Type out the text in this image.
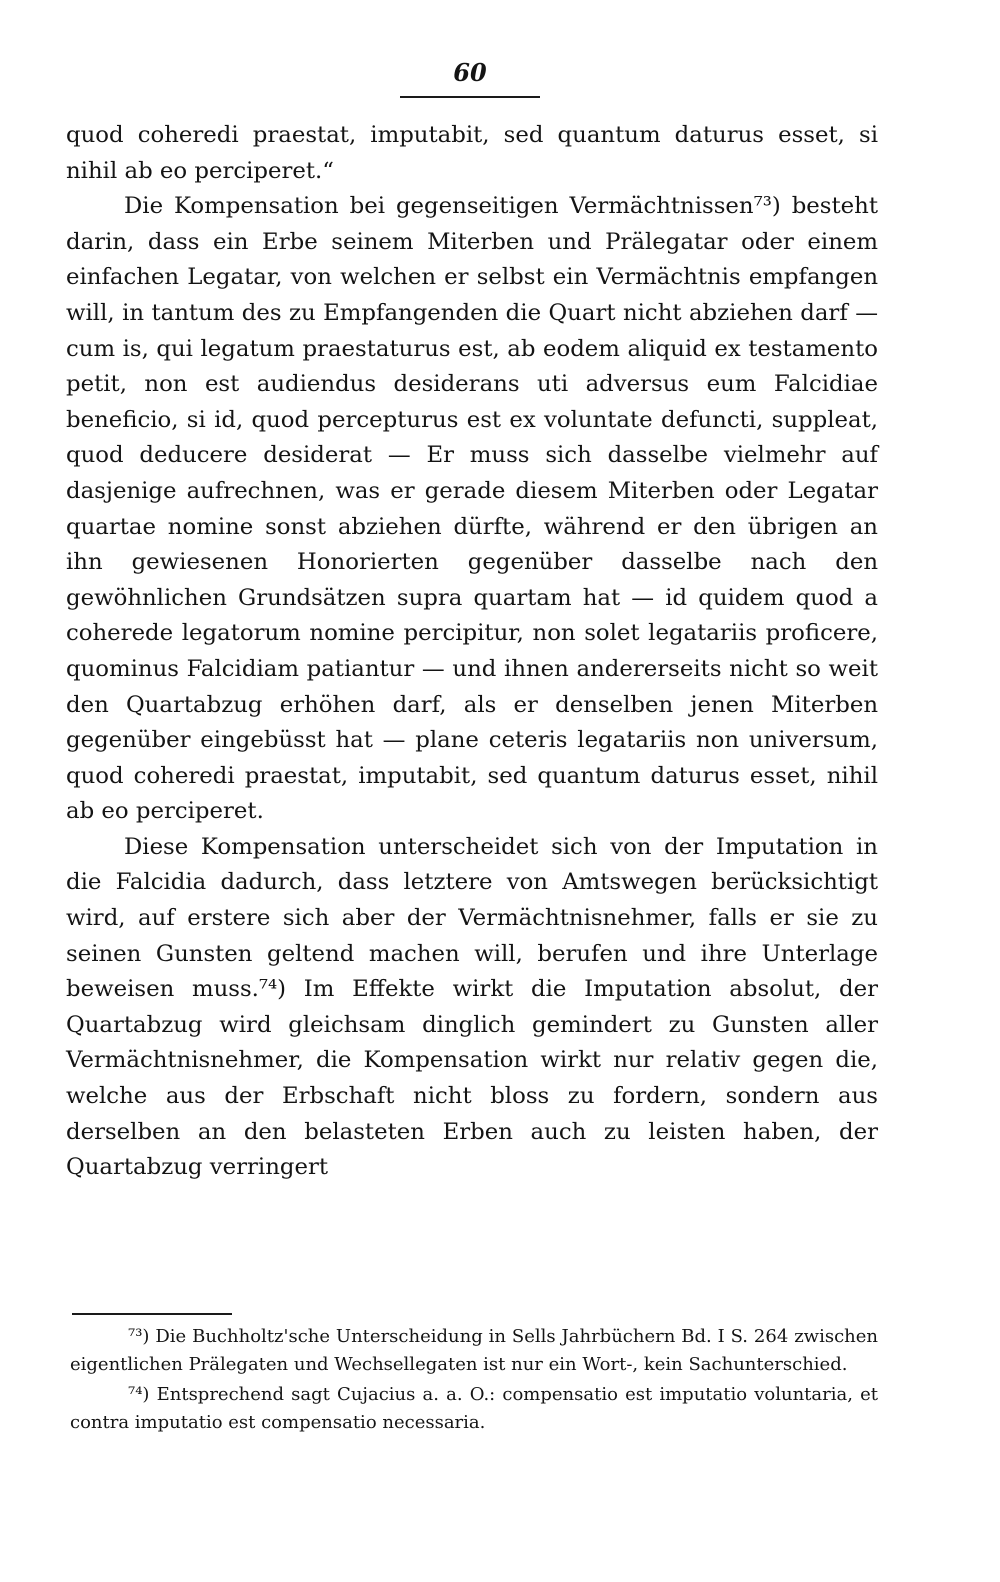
60

quod coheredi praestat, imputabit, sed quantum daturus esset, si nihil ab eo perciperet.“

Die Kompensation bei gegenseitigen Vermächtnissen⁷³) besteht darin, dass ein Erbe seinem Miterben und Prälegatar oder einem einfachen Legatar, von welchen er selbst ein Vermächtnis empfangen will, in tantum des zu Empfangenden die Quart nicht abziehen darf — cum is, qui legatum praestaturus est, ab eodem aliquid ex testamento petit, non est audiendus desiderans uti adversus eum Falcidiae beneficio, si id, quod percepturus est ex voluntate defuncti, suppleat, quod deducere desiderat — Er muss sich dasselbe vielmehr auf dasjenige aufrechnen, was er gerade diesem Miterben oder Legatar quartae nomine sonst abziehen dürfte, während er den übrigen an ihn gewiesenen Honorierten gegenüber dasselbe nach den gewöhnlichen Grundsätzen supra quartam hat — id quidem quod a coherede legatorum nomine percipitur, non solet legatariis proficere, quominus Falcidiam patiantur — und ihnen andererseits nicht so weit den Quartabzug erhöhen darf, als er denselben jenen Miterben gegenüber eingebüsst hat — plane ceteris legatariis non universum, quod coheredi praestat, imputabit, sed quantum daturus esset, nihil ab eo perciperet.

Diese Kompensation unterscheidet sich von der Imputation in die Falcidia dadurch, dass letztere von Amtswegen berücksichtigt wird, auf erstere sich aber der Vermächtnisnehmer, falls er sie zu seinen Gunsten geltend machen will, berufen und ihre Unterlage beweisen muss.⁷⁴) Im Effekte wirkt die Imputation absolut, der Quartabzug wird gleichsam dinglich gemindert zu Gunsten aller Vermächtnisnehmer, die Kompensation wirkt nur relativ gegen die, welche aus der Erbschaft nicht bloss zu fordern, sondern aus derselben an den belasteten Erben auch zu leisten haben, der Quartabzug verringert

⁷³) Die Buchholtz'sche Unterscheidung in Sells Jahrbüchern Bd. I S. 264 zwischen eigentlichen Prälegaten und Wechsellegaten ist nur ein Wort-, kein Sachunterschied.

⁷⁴) Entsprechend sagt Cujacius a. a. O.: compensatio est imputatio voluntaria, et contra imputatio est compensatio necessaria.
